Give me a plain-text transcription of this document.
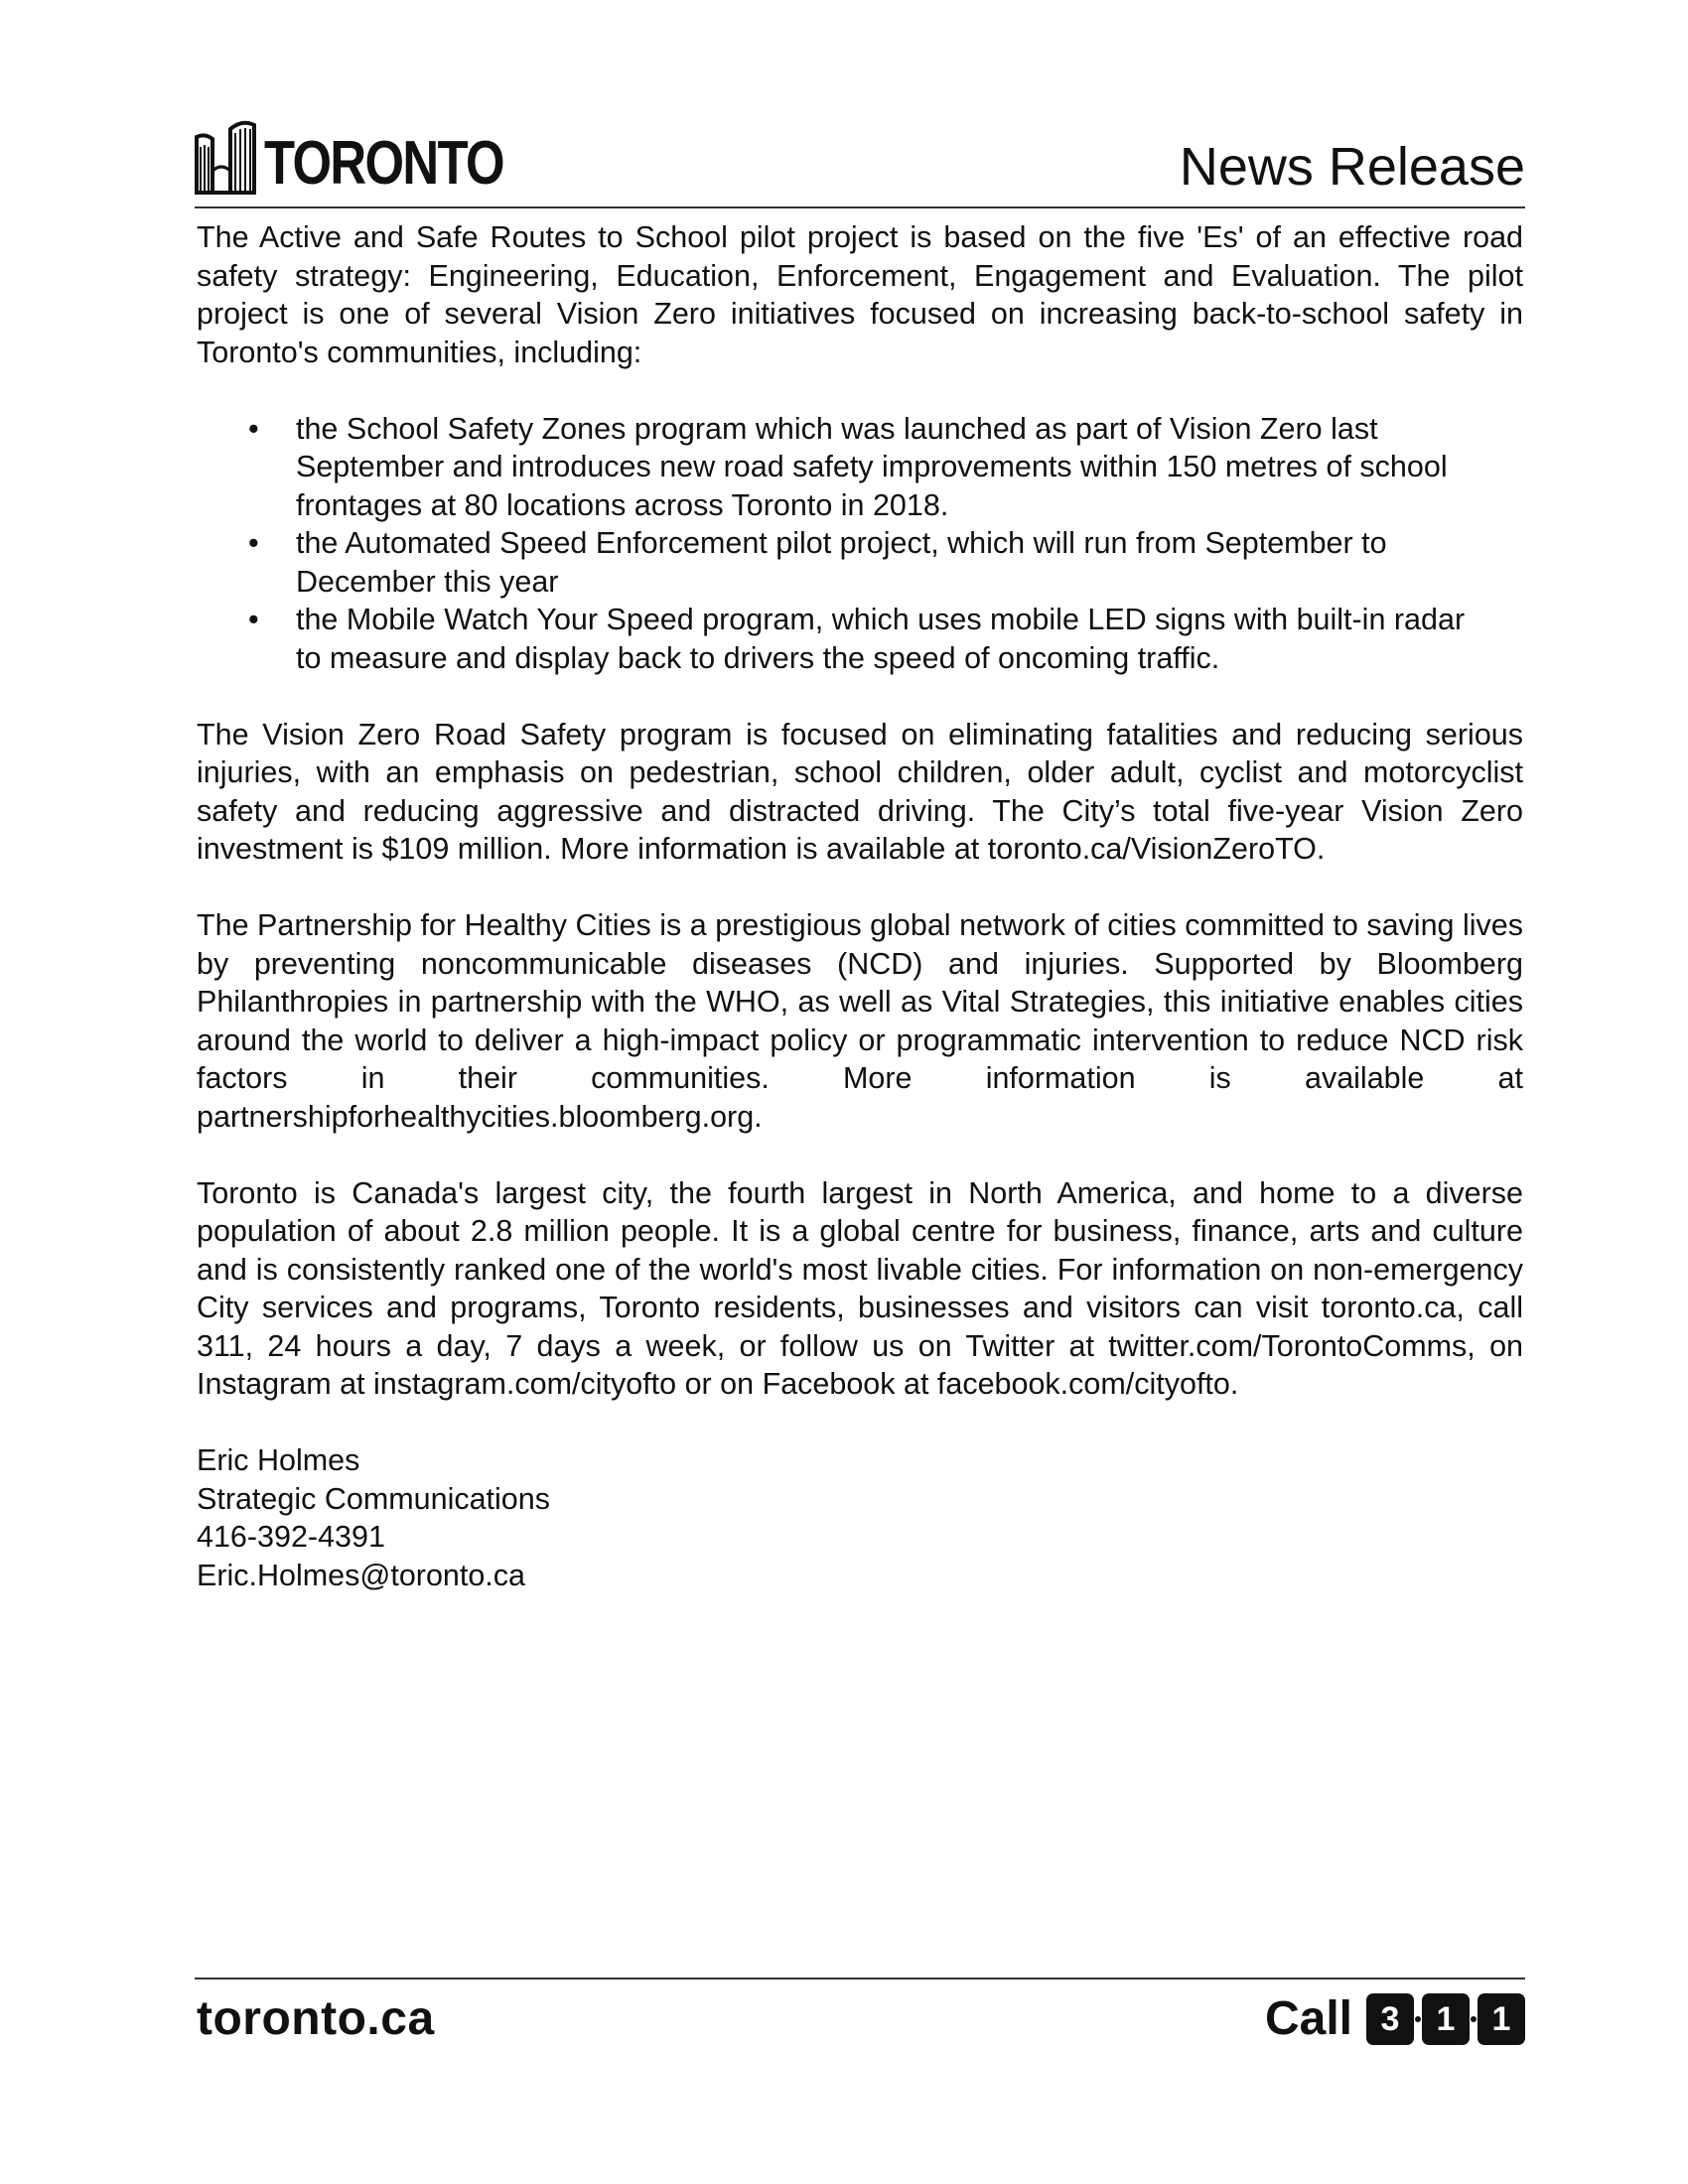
TORONTO	News Release

The Active and Safe Routes to School pilot project is based on the five 'Es' of an effective road safety strategy: Engineering, Education, Enforcement, Engagement and Evaluation. The pilot project is one of several Vision Zero initiatives focused on increasing back-to-school safety in Toronto's communities, including:

• the School Safety Zones program which was launched as part of Vision Zero last September and introduces new road safety improvements within 150 metres of school frontages at 80 locations across Toronto in 2018.
• the Automated Speed Enforcement pilot project, which will run from September to December this year
• the Mobile Watch Your Speed program, which uses mobile LED signs with built-in radar to measure and display back to drivers the speed of oncoming traffic.

The Vision Zero Road Safety program is focused on eliminating fatalities and reducing serious injuries, with an emphasis on pedestrian, school children, older adult, cyclist and motorcyclist safety and reducing aggressive and distracted driving. The City’s total five-year Vision Zero investment is $109 million. More information is available at toronto.ca/VisionZeroTO.

The Partnership for Healthy Cities is a prestigious global network of cities committed to saving lives by preventing noncommunicable diseases (NCD) and injuries. Supported by Bloomberg Philanthropies in partnership with the WHO, as well as Vital Strategies, this initiative enables cities around the world to deliver a high-impact policy or programmatic intervention to reduce NCD risk factors in their communities. More information is available at partnershipforhealthycities.bloomberg.org.

Toronto is Canada's largest city, the fourth largest in North America, and home to a diverse population of about 2.8 million people. It is a global centre for business, finance, arts and culture and is consistently ranked one of the world's most livable cities. For information on non-emergency City services and programs, Toronto residents, businesses and visitors can visit toronto.ca, call 311, 24 hours a day, 7 days a week, or follow us on Twitter at twitter.com/TorontoComms, on Instagram at instagram.com/cityofto or on Facebook at facebook.com/cityofto.

Eric Holmes
Strategic Communications
416-392-4391
Eric.Holmes@toronto.ca
toronto.ca	Call 3	1	1
